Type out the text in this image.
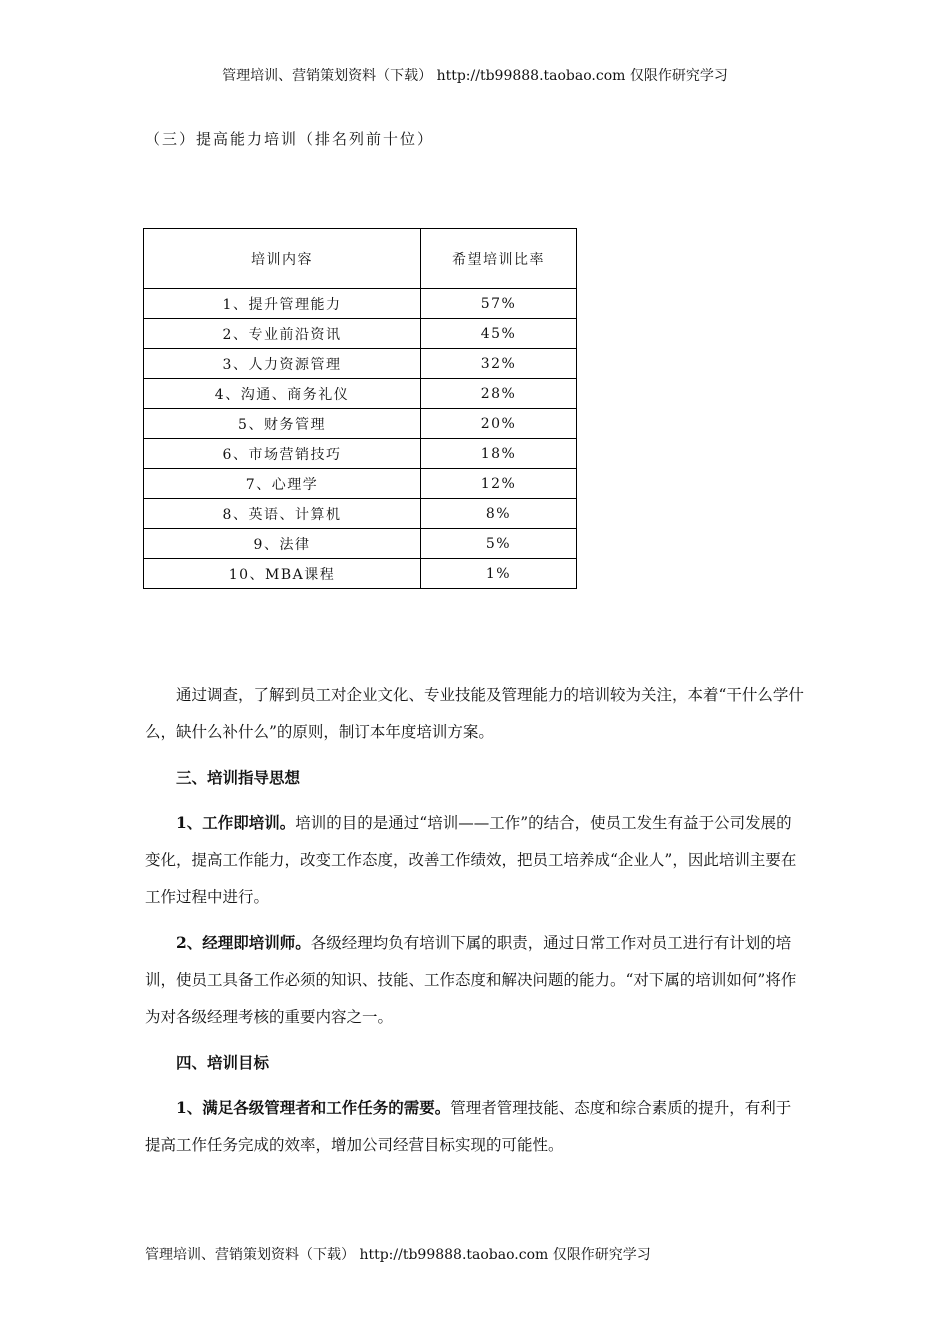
管理培训、营销策划资料（下载） http://tb99888.taobao.com 仅限作研究学习
（三）提高能力培训（排名列前十位）
培训内容	希望培训比率
1、提升管理能力	57%
2、专业前沿资讯	45%
3、人力资源管理	32%
4、沟通、商务礼仪	28%
5、财务管理	20%
6、市场营销技巧	18%
7、心理学	12%
8、英语、计算机	8%
9、法律	5%
10、MBA课程	1%

通过调查，了解到员工对企业文化、专业技能及管理能力的培训较为关注，本着“干什么学什么，缺什么补什么”的原则，制订本年度培训方案。

三、培训指导思想

1、工作即培训。培训的目的是通过“培训——工作”的结合，使员工发生有益于公司发展的变化，提高工作能力，改变工作态度，改善工作绩效，把员工培养成“企业人”，因此培训主要在工作过程中进行。

2、经理即培训师。各级经理均负有培训下属的职责，通过日常工作对员工进行有计划的培训，使员工具备工作必须的知识、技能、工作态度和解决问题的能力。“对下属的培训如何”将作为对各级经理考核的重要内容之一。

四、培训目标

1、满足各级管理者和工作任务的需要。管理者管理技能、态度和综合素质的提升，有利于提高工作任务完成的效率，增加公司经营目标实现的可能性。

管理培训、营销策划资料（下载） http://tb99888.taobao.com 仅限作研究学习
